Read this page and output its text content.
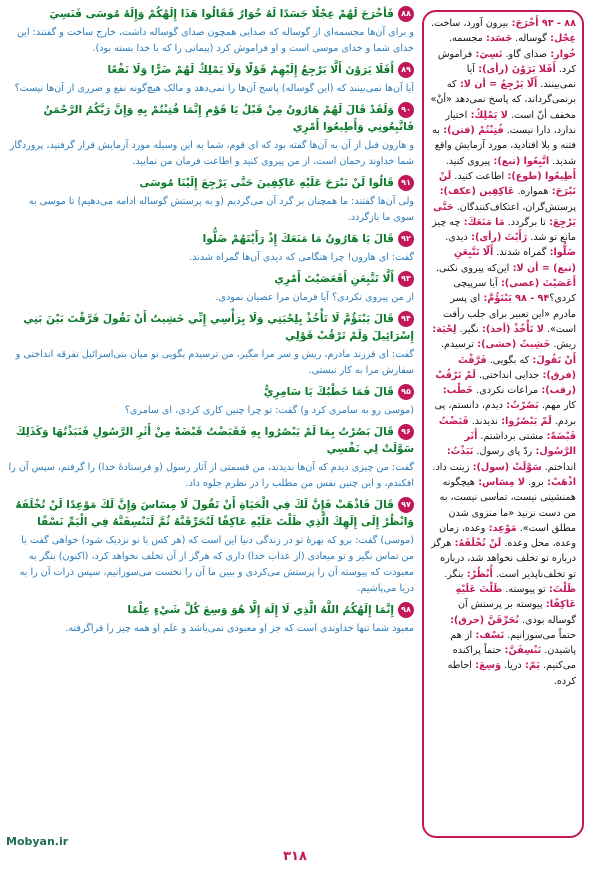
۸۸فَأَخْرَجَ لَهُمْ عِجْلًا جَسَدًا لَهُ خُوَارٌ فَقَالُوا هَذَا إِلَهُكُمْ وَإِلَهُ مُوسَى فَنَسِيَ

و برای آن‌ها مجسمه‌ای از گوساله که صدایی همچون صدای گوساله داشت، خارج ساخت و گفتند: این خدای شما و خدای موسی است و او فراموش کرد (پیمانی را که با خدا بسته بود).

۸۹أَفَلَا يَرَوْنَ أَلَّا يَرْجِعُ إِلَيْهِمْ قَوْلًا وَلَا يَمْلِكُ لَهُمْ ضَرًّا وَلَا نَفْعًا

آیا آن‌ها نمی‌بینند که (این گوساله) پاسخ آن‌ها را نمی‌دهد و مالک هیچ‌گونه نفع و ضرری از آن‌ها نیست؟

۹۰وَلَقَدْ قَالَ لَهُمْ هَارُونُ مِنْ قَبْلُ يَا قَوْمِ إِنَّمَا فُتِنْتُمْ بِهِ وَإِنَّ رَبَّكُمُ الرَّحْمَنُ فَاتَّبِعُونِي وَأَطِيعُوا أَمْرِي

و هارون قبل از آن به آن‌ها گفته بود که ای قوم، شما به این وسیله مورد آزمایش قرار گرفتید، پروردگار شما خداوند رحمان است، از من پیروی کنید و اطاعت فرمان من نمایید.

۹۱قَالُوا لَنْ نَبْرَحَ عَلَيْهِ عَاكِفِينَ حَتَّى يَرْجِعَ إِلَيْنَا مُوسَى

ولی آن‌ها گفتند: ما همچنان بر گرد آن می‌گردیم (و به پرستش گوساله ادامه می‌دهیم) تا موسی به سوی ما بازگردد.

۹۲قَالَ يَا هَارُونُ مَا مَنَعَكَ إِذْ رَأَيْتَهُمْ ضَلُّوا

گفت: ای هارون! چرا هنگامی که دیدی آن‌ها گمراه شدند.

۹۳أَلَّا تَتَّبِعَنِ أَفَعَصَيْتَ أَمْرِي

از من پیروی نکردی؟ آیا فرمان مرا عصیان نمودی.

۹۴قَالَ يَبْنَؤُمَّ لَا تَأْخُذْ بِلِحْيَتِي وَلَا بِرَأْسِي إِنِّي خَشِيتُ أَنْ تَقُولَ فَرَّقْتَ بَيْنَ بَنِي إِسْرَائِيلَ وَلَمْ تَرْقُبْ قَوْلِي

گفت: ای فرزند مادرم، ریش و سر مرا مگیر، من ترسیدم بگویی تو میان بنی‌اسرائیل تفرقه انداختی و سفارش مرا به کار نبستی.

۹۵قَالَ فَمَا خَطْبُكَ يَا سَامِرِيُّ

(موسی رو به سامری کرد و) گفت: تو چرا چنین کاری کردی، ای سامری؟

۹۶قَالَ بَصُرْتُ بِمَا لَمْ يَبْصُرُوا بِهِ فَقَبَضْتُ قَبْضَةً مِنْ أَثَرِ الرَّسُولِ فَنَبَذْتُهَا وَكَذَلِكَ سَوَّلَتْ لِي نَفْسِي

گفت: من چیزی دیدم که آن‌ها ندیدند، من قسمتی از آثار رسول (و فرستادهٔ خدا) را گرفتم، سپس آن را افکندم، و این چنین نفس من مطلب را در نظرم جلوه داد.

۹۷قَالَ فَاذْهَبْ فَإِنَّ لَكَ فِي الْحَيَاةِ أَنْ تَقُولَ لَا مِسَاسَ وَإِنَّ لَكَ مَوْعِدًا لَنْ تُخْلَفَهُ وَانْظُرْ إِلَى إِلَهِكَ الَّذِي ظَلْتَ عَلَيْهِ عَاكِفًا لَنُحَرِّقَنَّهُ ثُمَّ لَنَنْسِفَنَّهُ فِي الْيَمِّ نَسْفًا

(موسی) گفت: برو که بهرهٔ تو در زندگی دنیا این است که (هر کس با تو نزدیک شود) خواهی گفت با من تماس نگیر و تو میعادی (از عذاب خدا) داری که هرگز از آن تخلف نخواهد کرد، (اکنون) بنگر به معبودت که پیوسته آن را پرستش می‌کردی و ببین ما آن را نخست می‌سوزانیم، سپس ذرات آن را به دریا می‌پاشیم.

۹۸إِنَّمَا إِلَهُكُمُ اللَّهُ الَّذِي لَا إِلَهَ إِلَّا هُوَ وَسِعَ كُلَّ شَيْءٍ عِلْمًا

معبود شما تنها خداوندی است که جز او معبودی نمی‌باشد و علم او همه چیز را فراگرفته.

۸۸ - ۹۳ أَخْرَجَ: بیرون آورد، ساخت. عِجْل: گوساله. جَسَد: مجسمه. خُوار: صدای گاو. نَسِيَ: فراموش کرد. أَفَلا يَرَوْنَ (رأی): آیا نمی‌بینند. أَلّا يَرْجِعُ = أن لا: که برنمی‌گرداند، که پاسخ نمی‌دهد «أنْ» مخفف أنّ است. لا يَمْلِكُ: اختیار ندارد، دارا نیست. فُتِنْتُمْ (فتن): به فتنه و بلا افتادید، مورد آزمایش واقع شدید. اتَّبِعُوا (تبع): پیروی کنید. أَطِيعُوا (طوع): اطاعت کنید. لَنْ نَبْرَحَ: همواره. عَاكِفِين (عکف): پرستش‌گران، اعتکاف‌کنندگان. حَتَّى يَرْجِعَ: تا برگردد. مَا مَنَعَكَ: چه چیز مانع تو شد. رَأَيْتَ (رأی): دیدی. ضَلُّوا: گمراه شدند. أَلّا تَتَّبِعَنِ (تبع) = أن لا: این‌که پیروی نکنی. أَعَصَيْتَ (عصی): آیا سرپیچی کردی؟۹۴ - ۹۸ يَبْنَؤُمَّ: ای پسر مادرم «این تعبیر برای جلب رأفت است». لا تَأْخُذْ (أخذ): نگیر. لِحْيَة: ریش. خَشِيتُ (خشی): ترسیدم. أَنْ تَقُولَ: که بگویی. فَرَّقْتَ (فرق): جدایی انداختی. لَمْ تَرْقُبْ (رقب): مراعات نکردی. خَطْب: کار مهم. بَصُرْتُ: دیدم، دانستم، پی بردم. لَمْ يَبْصُرُوا: ندیدند. قَبَضْتُ قَبْضَةً: مشتی برداشتم. أَثَر الرَّسُول: ردّ پای رسول. نَبَذْتُ: انداختم. سَوَّلَتْ (سول): زینت داد. اذْهَبْ: برو. لا مِسَاس: هیچگونه همنشینی نیست، تماسی نیست، به من دست نزنید «ما منزوی شدن مطلق است». مَوْعِد: وعده، زمان وعده، محل وعده. لَنْ تُخْلَفَهُ: هرگز درباره تو تخلف نخواهد شد، درباره تو تخلف‌ناپذیر است. أُنْظُرْ: بنگر. ظَلْتَ: تو پیوسته. ظَلْتَ عَلَيْهِ عَاكِفًا: پیوسته بر پرستش آن گوساله بودی. نُحَرِّقَنَّ (حرق): حتماً می‌سوزانیم. نَسْف: از هم پاشیدن. نَنْسِفَنَّ: حتماً پراکنده می‌کنیم. يَمّ: دریا. وَسِعَ: احاطه کرده.
Mobyan.ir
۳۱۸
